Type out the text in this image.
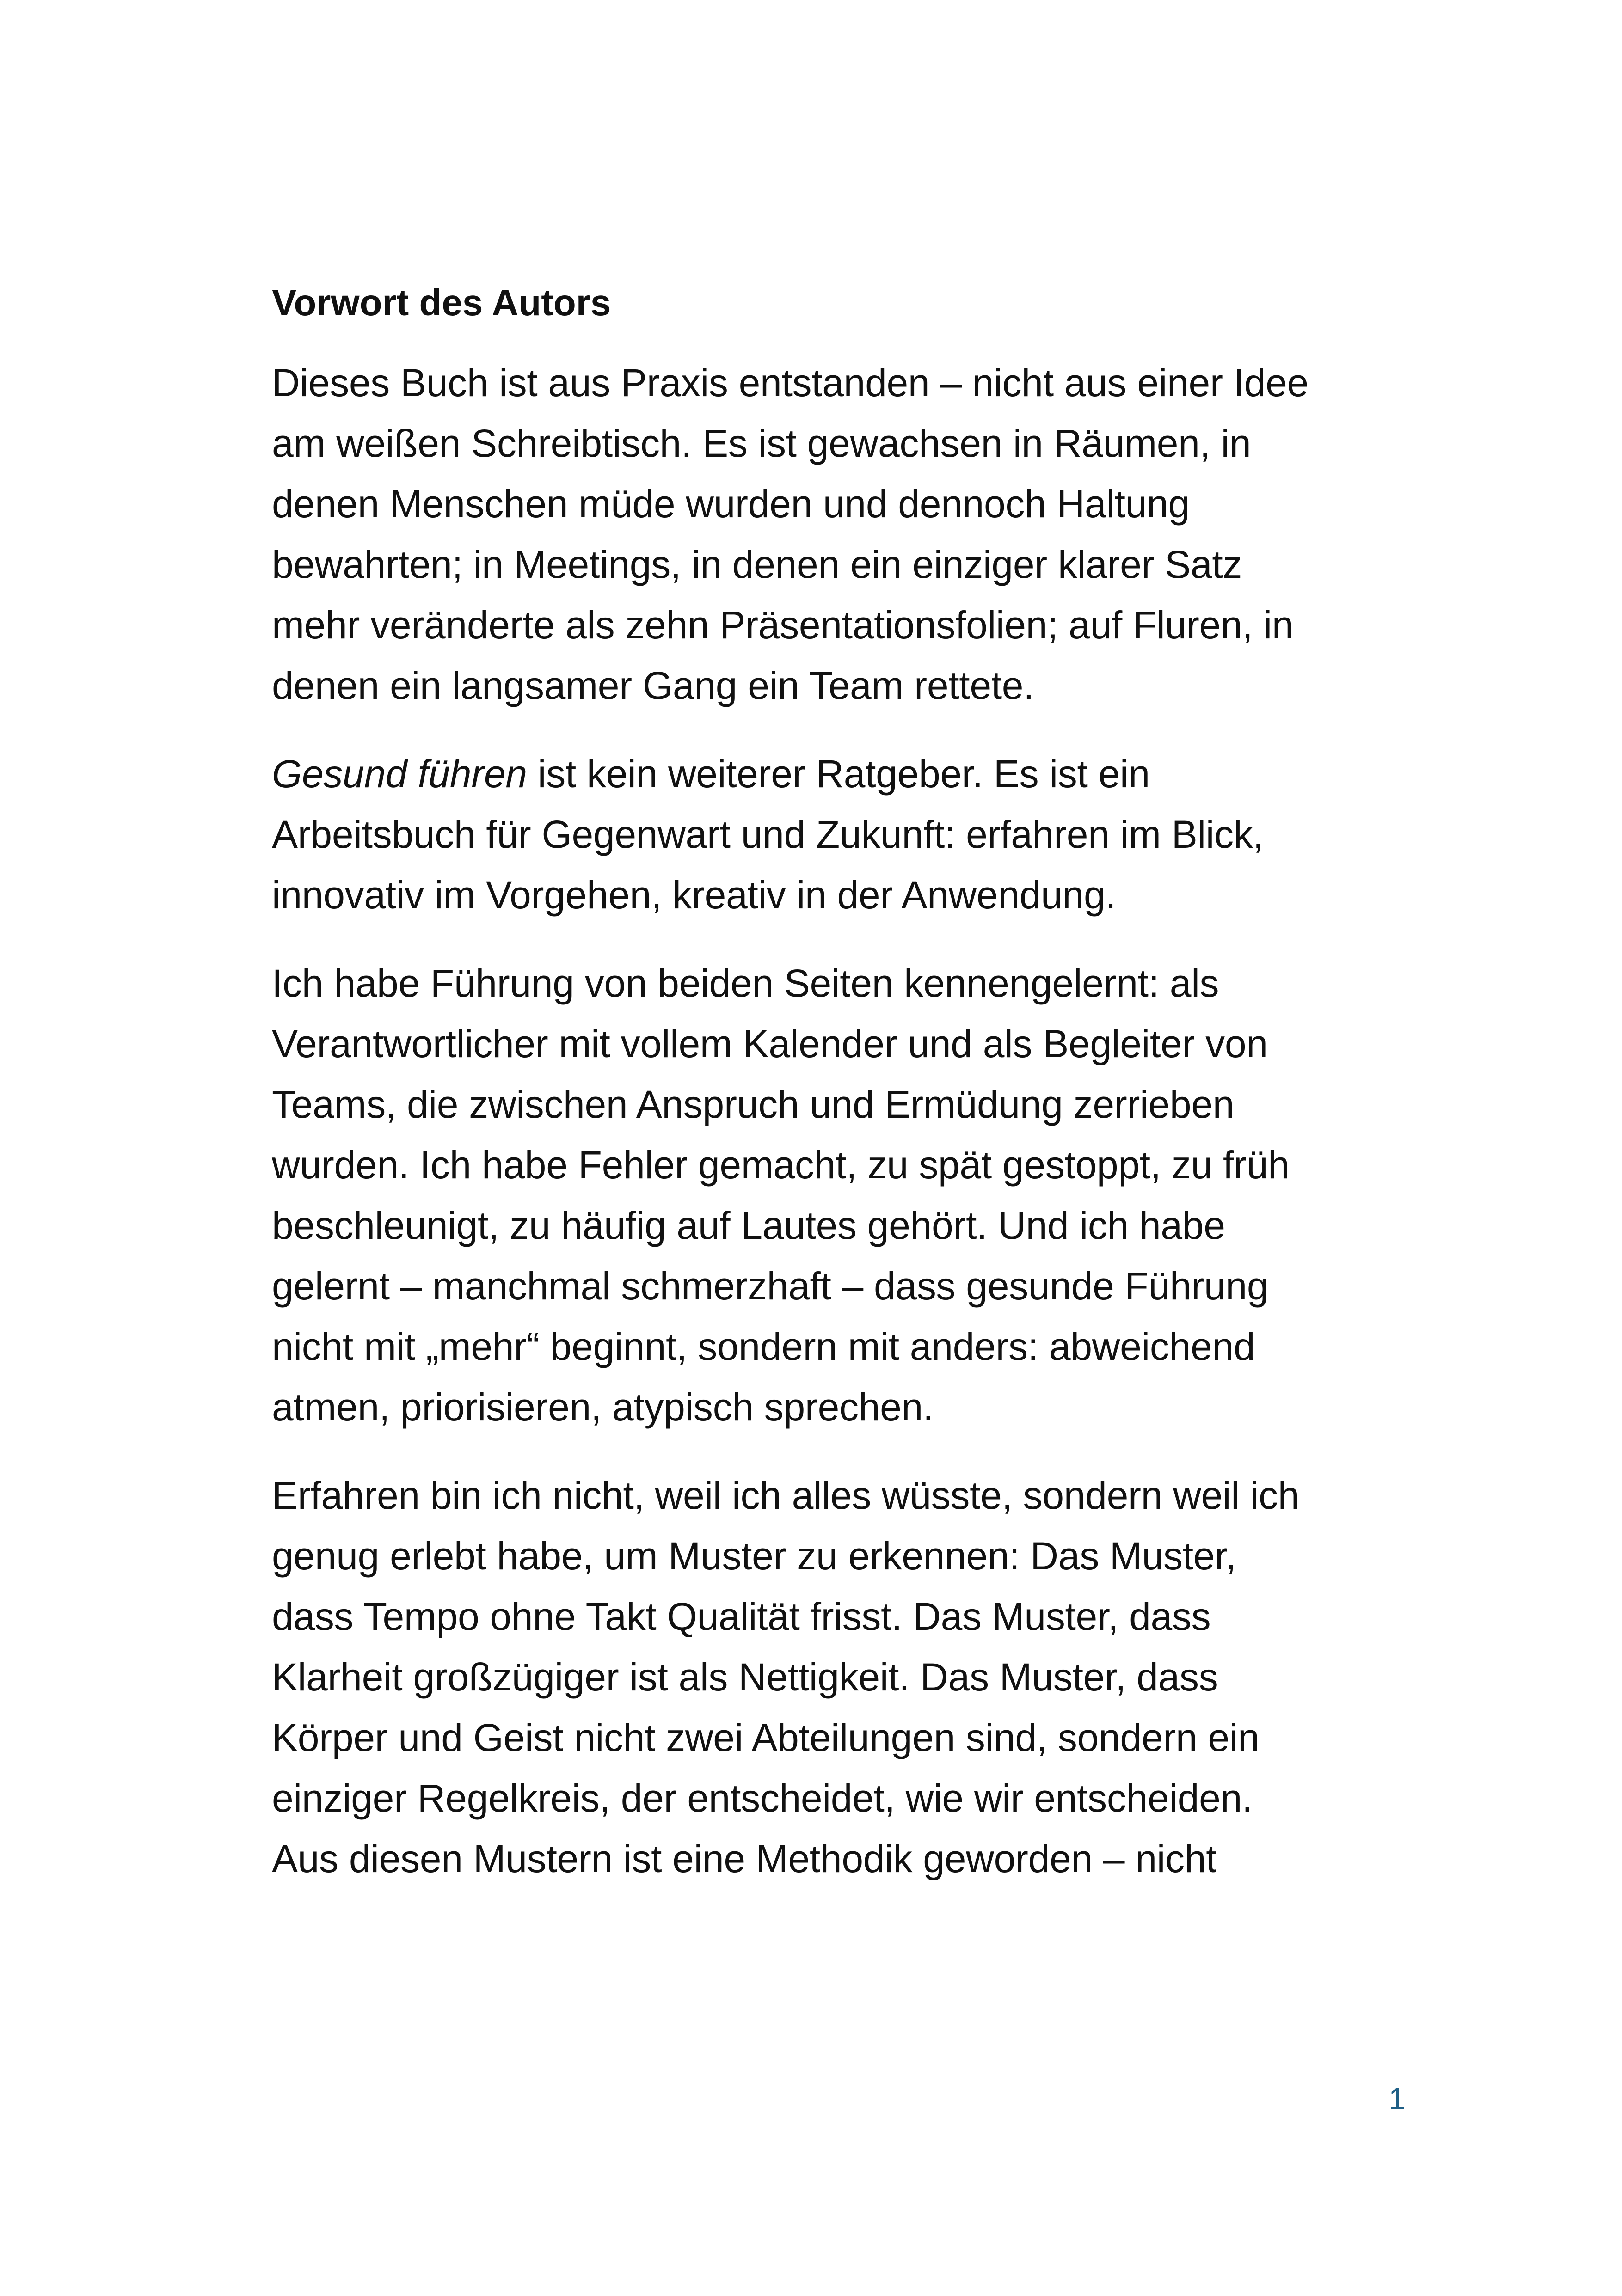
Vorwort des Autors
Dieses Buch ist aus Praxis entstanden – nicht aus einer Idee
am weißen Schreibtisch. Es ist gewachsen in Räumen, in
denen Menschen müde wurden und dennoch Haltung
bewahrten; in Meetings, in denen ein einziger klarer Satz
mehr veränderte als zehn Präsentationsfolien; auf Fluren, in
denen ein langsamer Gang ein Team rettete.
Gesund führen ist kein weiterer Ratgeber. Es ist ein
Arbeitsbuch für Gegenwart und Zukunft: erfahren im Blick,
innovativ im Vorgehen, kreativ in der Anwendung.
Ich habe Führung von beiden Seiten kennengelernt: als
Verantwortlicher mit vollem Kalender und als Begleiter von
Teams, die zwischen Anspruch und Ermüdung zerrieben
wurden. Ich habe Fehler gemacht, zu spät gestoppt, zu früh
beschleunigt, zu häufig auf Lautes gehört. Und ich habe
gelernt – manchmal schmerzhaft – dass gesunde Führung
nicht mit „mehr“ beginnt, sondern mit anders: abweichend
atmen, priorisieren, atypisch sprechen.
Erfahren bin ich nicht, weil ich alles wüsste, sondern weil ich
genug erlebt habe, um Muster zu erkennen: Das Muster,
dass Tempo ohne Takt Qualität frisst. Das Muster, dass
Klarheit großzügiger ist als Nettigkeit. Das Muster, dass
Körper und Geist nicht zwei Abteilungen sind, sondern ein
einziger Regelkreis, der entscheidet, wie wir entscheiden.
Aus diesen Mustern ist eine Methodik geworden – nicht
1
